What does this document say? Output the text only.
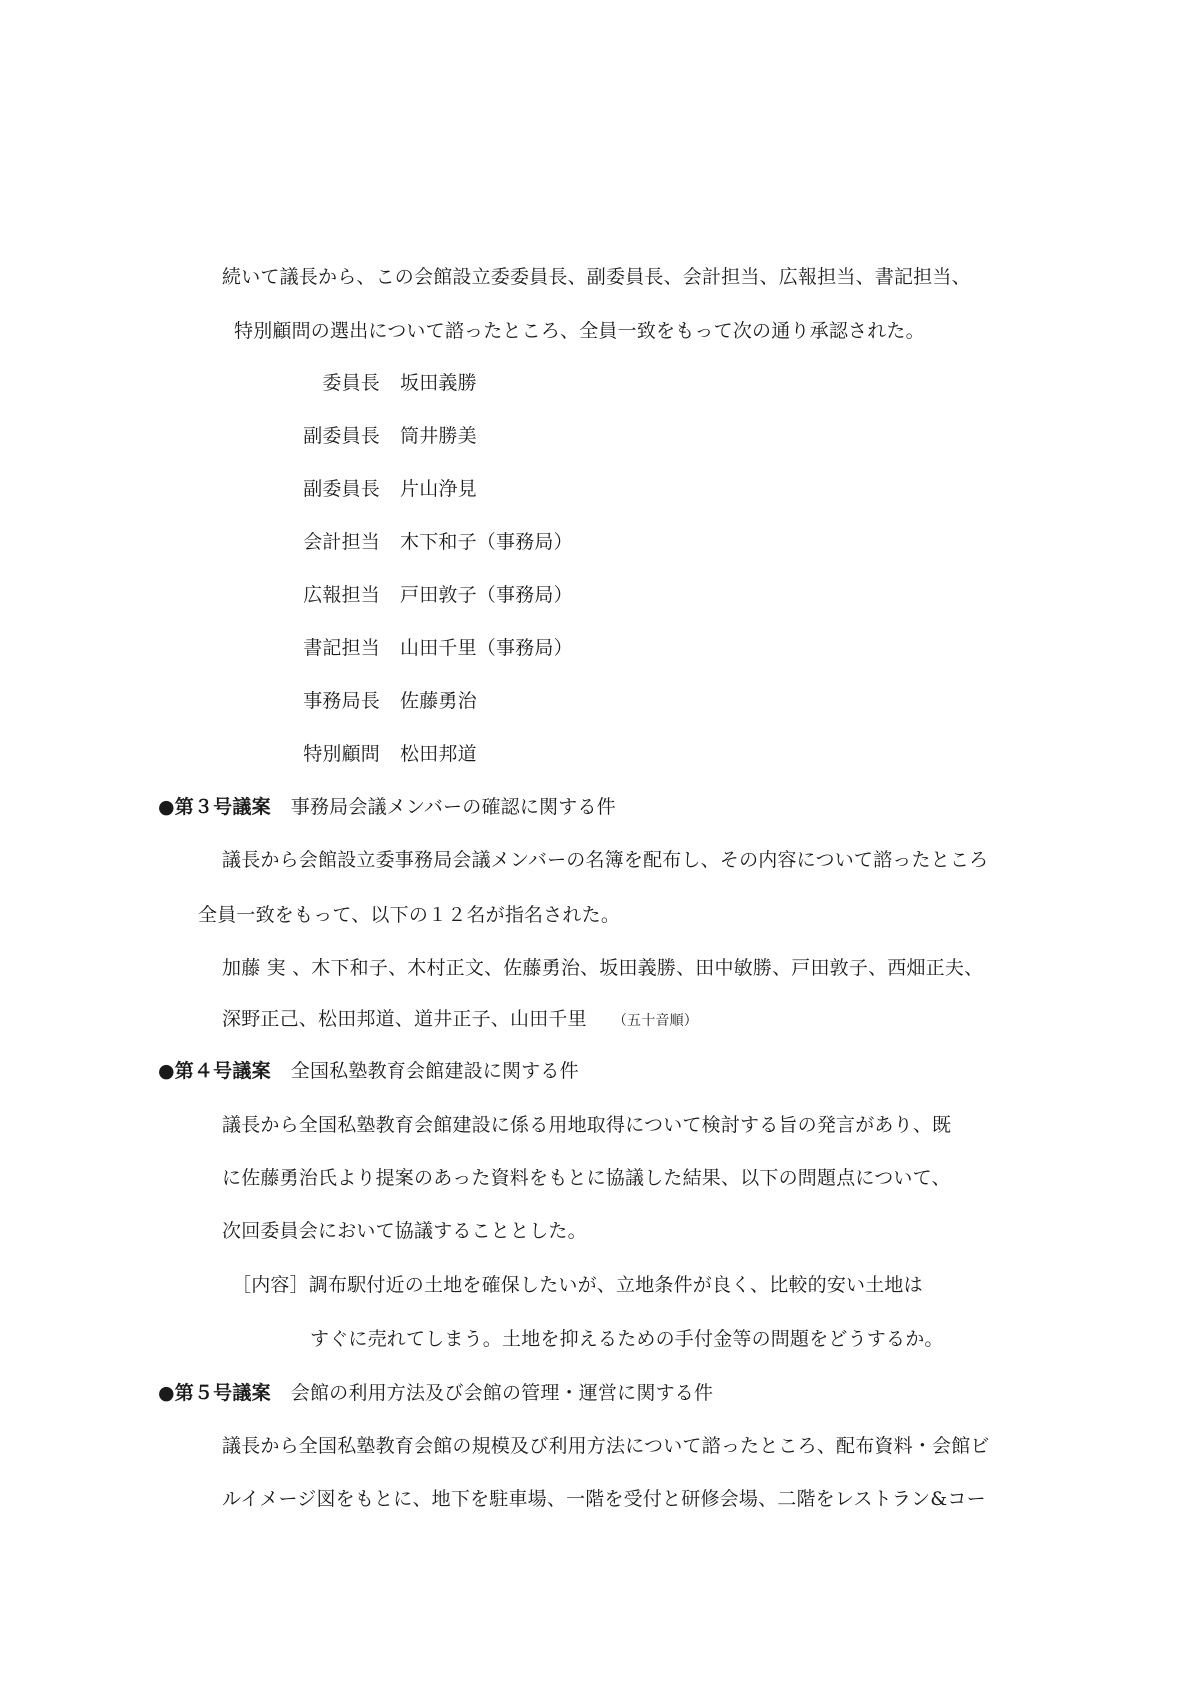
続いて議長から、この会館設立委委員長、副委員長、会計担当、広報担当、書記担当、
特別顧問の選出について諮ったところ、全員一致をもって次の通り承認された。
委員長 坂田義勝
副委員長 筒井勝美
副委員長 片山浄見
会計担当 木下和子（事務局）
広報担当 戸田敦子（事務局）
書記担当 山田千里（事務局）
事務局長 佐藤勇治
特別顧問 松田邦道
●第３号議案 事務局会議メンバーの確認に関する件
議長から会館設立委事務局会議メンバーの名簿を配布し、その内容について諮ったところ
全員一致をもって、以下の１２名が指名された。
加藤 実 、木下和子、木村正文、佐藤勇治、坂田義勝、田中敏勝、戸田敦子、西畑正夫、
深野正己、松田邦道、道井正子、山田千里 （五十音順）
●第４号議案 全国私塾教育会館建設に関する件
議長から全国私塾教育会館建設に係る用地取得について検討する旨の発言があり、既
に佐藤勇治氏より提案のあった資料をもとに協議した結果、以下の問題点について、
次回委員会において協議することとした。
［内容］調布駅付近の土地を確保したいが、立地条件が良く、比較的安い土地は
すぐに売れてしまう。土地を抑えるための手付金等の問題をどうするか。
●第５号議案 会館の利用方法及び会館の管理・運営に関する件
議長から全国私塾教育会館の規模及び利用方法について諮ったところ、配布資料・会館ビ
ルイメージ図をもとに、地下を駐車場、一階を受付と研修会場、二階をレストラン&コー
